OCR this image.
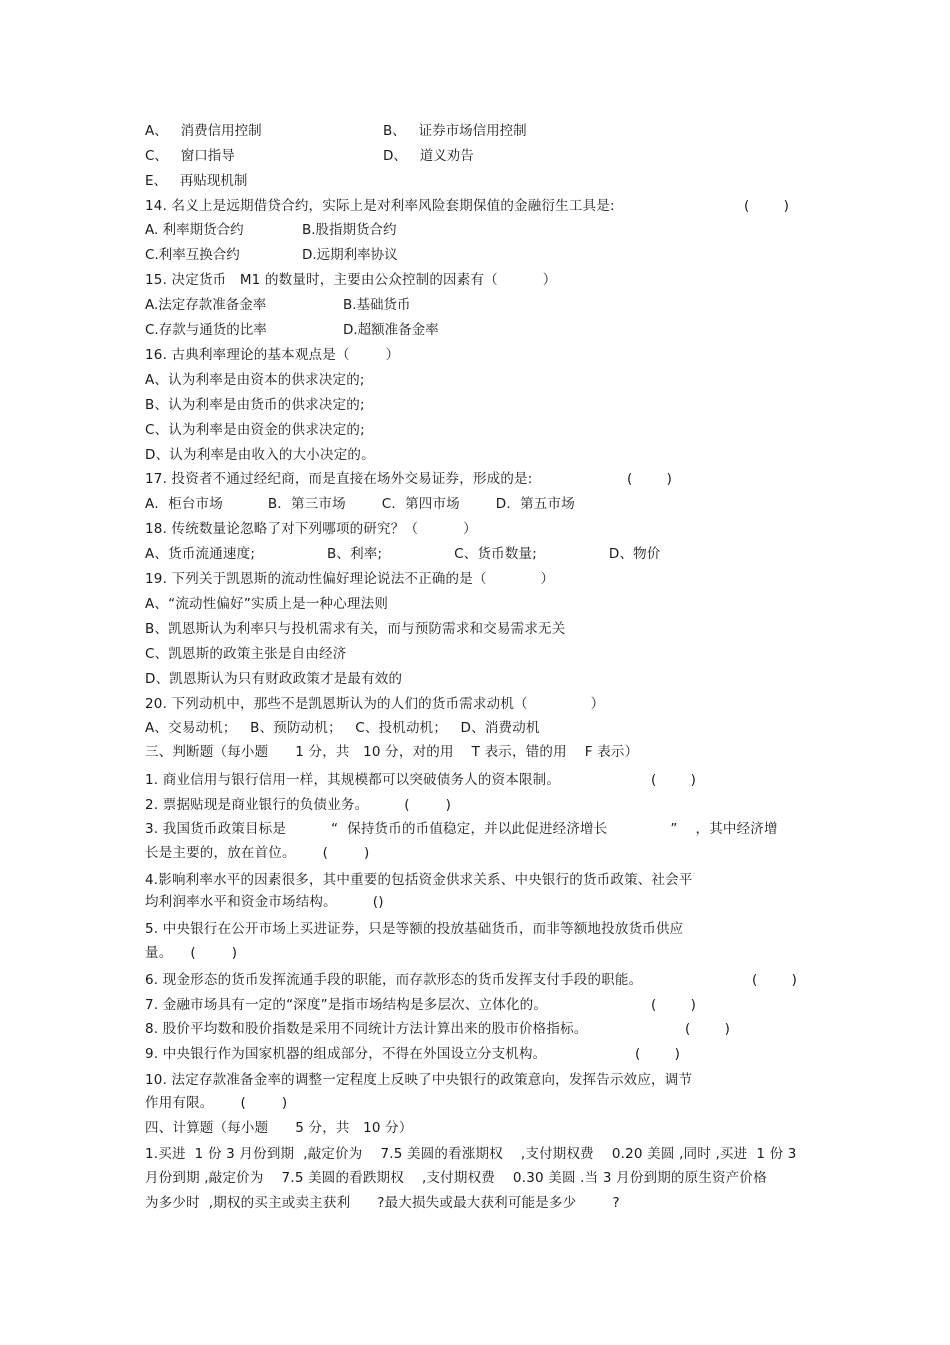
A、   消费信用控制	B、   证券市场信用控制
C、   窗口指导	D、   道义劝告
E、   再贴现机制
14. 名义上是远期借贷合约，实际上是对利率风险套期保值的金融衍生工具是:	(        )
A. 利率期货合约	B.股指期货合约
C.利率互换合约	D.远期利率协议
15. 决定货币   M1 的数量时，主要由公众控制的因素有（          ）
A.法定存款准备金率	B.基础货币
C.存款与通货的比率	D.超额准备金率
16. 古典利率理论的基本观点是（        ）
A、认为利率是由资本的供求决定的;
B、认为利率是由货币的供求决定的;
C、认为利率是由资金的供求决定的;
D、认为利率是由收入的大小决定的。
17. 投资者不通过经纪商，而是直接在场外交易证券，形成的是:	(        )
A．柜台市场          B．第三市场        C．第四市场        D．第五市场
18. 传统数量论忽略了对下列哪项的研究？（          ）
A、货币流通速度;                B、利率;                C、货币数量;                D、物价
19. 下列关于凯恩斯的流动性偏好理论说法不正确的是（            ）
A、“流动性偏好”实质上是一种心理法则
B、凯恩斯认为利率只与投机需求有关，而与预防需求和交易需求无关
C、凯恩斯的政策主张是自由经济
D、凯恩斯认为只有财政政策才是最有效的
20. 下列动机中，那些不是凯恩斯认为的人们的货币需求动机（              ）
A、交易动机；   B、预防动机；   C、投机动机；   D、消费动机
三、判断题（每小题      1 分，共   10 分，对的用    T 表示，错的用    F 表示）
1. 商业信用与银行信用一样，其规模都可以突破债务人的资本限制。	(        )
2. 票据贴现是商业银行的负债业务。        (        )
3. 我国货币政策目标是          “  保持货币的币值稳定，并以此促进经济增长              ”    ，其中经济增
长是主要的，放在首位。      (        )
4.影响利率水平的因素很多，其中重要的包括资金供求关系、中央银行的货币政策、社会平
均利润率水平和资金市场结构。        ()
5. 中央银行在公开市场上买进证券，只是等额的投放基础货币，而非等额地投放货币供应
量。    (        )
6. 现金形态的货币发挥流通手段的职能，而存款形态的货币发挥支付手段的职能。	(        )
7. 金融市场具有一定的“深度”是指市场结构是多层次、立体化的。	(        )
8. 股价平均数和股价指数是采用不同统计方法计算出来的股市价格指标。	(        )
9. 中央银行作为国家机器的组成部分，不得在外国设立分支机构。	(        )
10. 法定存款准备金率的调整一定程度上反映了中央银行的政策意向，发挥告示效应，调节
作用有限。      (        )
四、计算题（每小题      5 分，共   10 分）
1.买进  1 份 3 月份到期  ,敲定价为    7.5 美圆的看涨期权    ,支付期权费    0.20 美圆 ,同时 ,买进  1 份 3
月份到期 ,敲定价为    7.5 美圆的看跌期权    ,支付期权费    0.30 美圆 .当 3 月份到期的原生资产价格
为多少时  ,期权的买主或卖主获利      ?最大损失或最大获利可能是多少        ?
